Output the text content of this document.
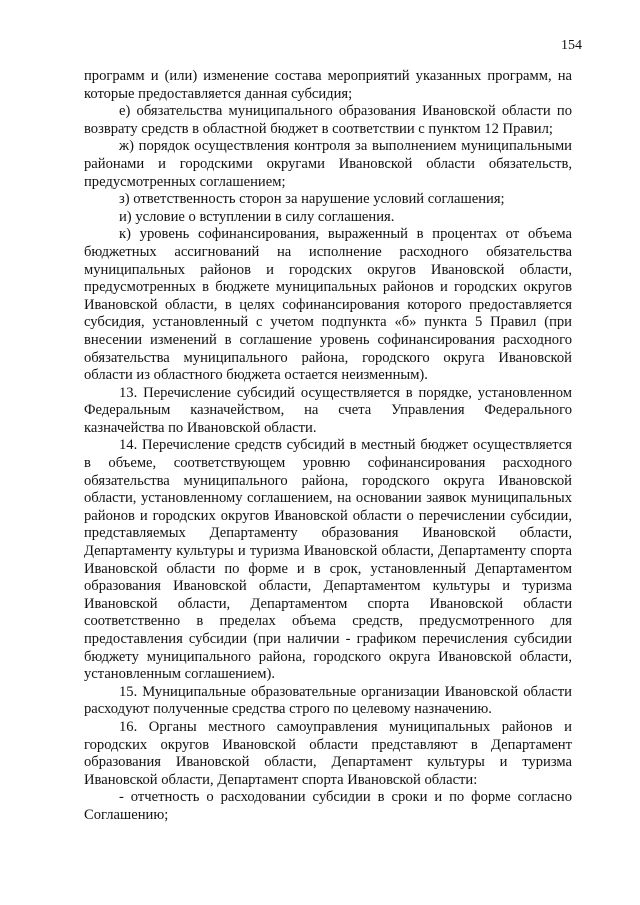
154

программ и (или) изменение состава мероприятий указанных программ, на которые предоставляется данная субсидия;

е) обязательства муниципального образования Ивановской области по возврату средств в областной бюджет в соответствии с пунктом 12 Правил;

ж) порядок осуществления контроля за выполнением муниципальными районами и городскими округами Ивановской области обязательств, предусмотренных соглашением;

з) ответственность сторон за нарушение условий соглашения;

и) условие о вступлении в силу соглашения.

к) уровень софинансирования, выраженный в процентах от объема бюджетных ассигнований на исполнение расходного обязательства муниципальных районов и городских округов Ивановской области, предусмотренных в бюджете муниципальных районов и городских округов Ивановской области, в целях софинансирования которого предоставляется субсидия, установленный с учетом подпункта «б» пункта 5 Правил (при внесении изменений в соглашение уровень софинансирования расходного обязательства муниципального района, городского округа Ивановской области из областного бюджета остается неизменным).

13. Перечисление субсидий осуществляется в порядке, установленном Федеральным казначейством, на счета Управления Федерального казначейства по Ивановской области.

14. Перечисление средств субсидий в местный бюджет осуществляется в объеме, соответствующем уровню софинансирования расходного обязательства муниципального района, городского округа Ивановской области, установленному соглашением, на основании заявок муниципальных районов и городских округов Ивановской области о перечислении субсидии, представляемых Департаменту образования Ивановской области, Департаменту культуры и туризма Ивановской области, Департаменту спорта Ивановской области по форме и в срок, установленный Департаментом образования Ивановской области, Департаментом культуры и туризма Ивановской области, Департаментом спорта Ивановской области соответственно в пределах объема средств, предусмотренного для предоставления субсидии (при наличии - графиком перечисления субсидии бюджету муниципального района, городского округа Ивановской области, установленным соглашением).

15. Муниципальные образовательные организации Ивановской области расходуют полученные средства строго по целевому назначению.

16. Органы местного самоуправления муниципальных районов и городских округов Ивановской области представляют в Департамент образования Ивановской области, Департамент культуры и туризма Ивановской области, Департамент спорта Ивановской области:

- отчетность о расходовании субсидии в сроки и по форме согласно Соглашению;
